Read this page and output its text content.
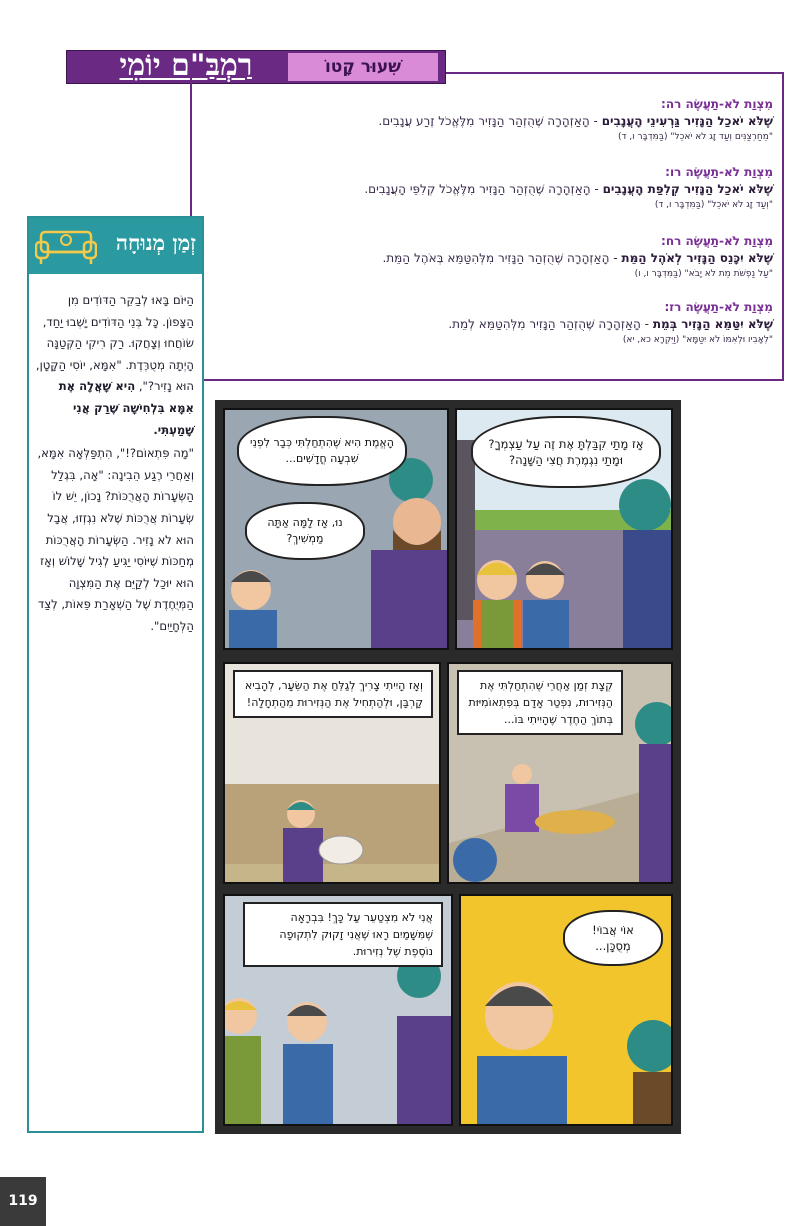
רַמְבַּ"ם יוֹמִי	שִׁעוּר קָטוֹ
מִצְוַת לֹא-תַעֲשֶׂה רה:
שֶׁלֹּא יֹאכַל הַנָּזִיר גַּרְעִינֵי הָעֲנָבִים - הָאַזְהָרָה שֶׁהֻזְהַר הַנָּזִיר מִלֶּאֱכֹל זֶרַע עֲנָבִים.
"מֵחַרְצַנִּים וְעַד זָג לֹא יֹאכֵל" (בַּמִּדְבָּר ו, ד)
מִצְוַת לֹא-תַעֲשֶׂה רו:
שֶׁלֹּא יֹאכַל הַנָּזִיר קְלִפַּת הָעֲנָבִים - הָאַזְהָרָה שֶׁהֻזְהַר הַנָּזִיר מִלֶּאֱכֹל קְלִפֵּי הָעֲנָבִים.
"וְעַד זָג לֹא יֹאכֵל" (בַּמִּדְבָּר ו, ד)
מִצְוַת לֹא-תַעֲשֶׂה רח:
שֶׁלֹּא יִכָּנֵס הַנָּזִיר לְאֹהֶל הַמֵּת - הָאַזְהָרָה שֶׁהֻזְהַר הַנָּזִיר מִלְּהִטַּמֵּא בְּאֹהֶל הַמֵּת.
"עַל נַפְשֹׁת מֵת לֹא יָבֹא" (בַּמִּדְבָּר ו, ו)
מִצְוַת לֹא-תַעֲשֶׂה רז:
שֶׁלֹּא יִטַּמֵּא הַנָּזִיר בְּמֵת - הָאַזְהָרָה שֶׁהֻזְהַר הַנָּזִיר מִלְּהִטַּמֵּא לְמֵת.
"לְאָבִיו וּלְאִמּוֹ לֹא יִטַּמָּא" (וַיִּקְרָא כא, יא)
זְמַן מְנוּחָה

הַיּוֹם בָּאוּ לְבַקֵּר הַדּוֹדִים מִן הַצָּפוֹן. כָּל בְּנֵי הַדּוֹדִים יָשְׁבוּ יַחַד, שׂוֹחֲחוּ וְצָחֲקוּ. רַק רִיקִי הַקְּטַנָּה הָיְתָה מְטֻרֶּדֶת. "אִמָּא, יוֹסִי הַקָּטָן, הוּא נָזִיר?", הִיא שָׁאֲלָה אֶת אִמָּא בִּלְחִישָׁה שֶׁרַק אֲנִי שָׁמַעְתִּי.

"מָה פִּתְאוֹם?!", הִתְפַּלְּאָה אִמָּא, וְאַחֲרֵי רֶגַע הֵבִינָה: "אָה, בִּגְלַל הַשְּׂעָרוֹת הָאֲרֻכּוֹת? נָכוֹן, יֵשׁ לוֹ שְׂעָרוֹת אֲרֻכּוֹת שֶׁלֹּא נִגְזְזוּ, אֲבָל הוּא לֹא נָזִיר. הַשְּׂעָרוֹת הָאֲרֻכּוֹת מְחַכּוֹת שֶׁיּוֹסִי יַגִּיעַ לְגִיל שָׁלוֹשׁ וְאָז הוּא יוּכַל לְקַיֵּם אֶת הַמִּצְוָה הַמְּיֻחֶדֶת שֶׁל הַשְׁאָרַת פֵּאוֹת, לְצַד הַלְּחָיַיִם".

אָז מָתַי קִבַּלְתָּ אֶת זֶה עַל עַצְמְךָ? וּמָתַי נִגְמֶרֶת חֲצִי הַשָּׁנָה?
הָאֱמֶת הִיא שֶׁהִתְחַלְתִּי כְּבָר לִפְנֵי שִׁבְעָה חֳדָשִׁים...
נוּ, אָז לָמָּה אַתָּה מַמְשִׁיךְ?
קְצָת זְמַן אַחֲרֵי שֶׁהִתְחַלְתִּי אֶת הַנְּזִירוּת, נִפְטַר אָדָם בְּפִתְאוֹמִיּוּת בְּתוֹךְ הַחֶדֶר שֶׁהָיִיתִי בּוֹ...
וְאָז הָיִיתִי צָרִיךְ לְגַלֵּחַ אֶת הַשֵּׂעָר, לְהָבִיא קָרְבָּן, וּלְהַתְחִיל אֶת הַנְּזִירוּת מֵהַתְחָלָה!
אוֹי אֲבוֹי! מְסֻכָּן...
אֲנִי לֹא מִצְטַעֵר עַל כָּךְ! בִּבְרָאָה שֶׁמִּשָּׁמַיִם רָאוּ שֶׁאֲנִי זָקוּק לִתְקוּפָה נוֹסֶפֶת שֶׁל נְזִירוּת.
119
